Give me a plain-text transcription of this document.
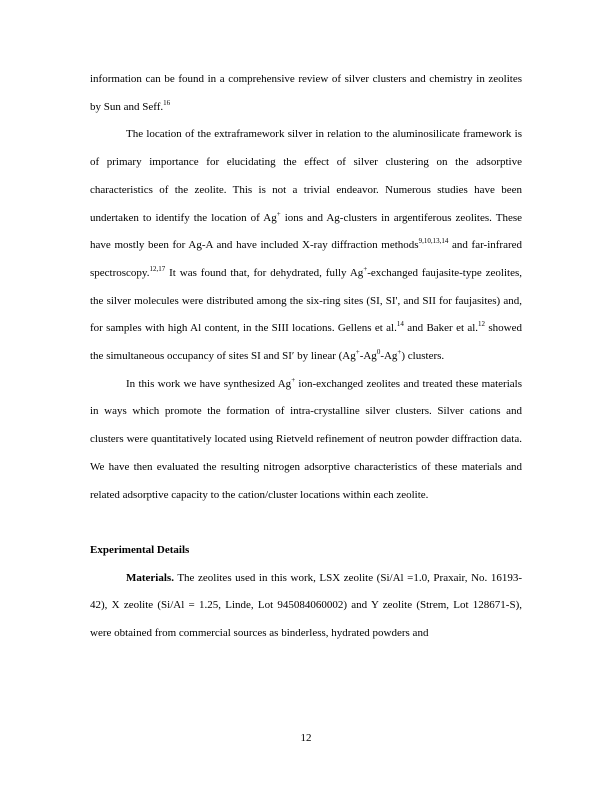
information can be found in a comprehensive review of silver clusters and chemistry in zeolites by Sun and Seff.$^{16}$

The location of the extraframework silver in relation to the aluminosilicate framework is of primary importance for elucidating the effect of silver clustering on the adsorptive characteristics of the zeolite. This is not a trivial endeavor. Numerous studies have been undertaken to identify the location of Ag+ ions and Ag-clusters in argentiferous zeolites. These have mostly been for Ag-A and have included X-ray diffraction methods$^{9,10,13,14}$ and far-infrared spectroscopy.$^{12,17}$ It was found that, for dehydrated, fully Ag+-exchanged faujasite-type zeolites, the silver molecules were distributed among the six-ring sites (SI, SI', and SII for faujasites) and, for samples with high Al content, in the SIII locations. Gellens et al.$^{14}$ and Baker et al.$^{12}$ showed the simultaneous occupancy of sites SI and SI′ by linear (Ag+-Ag$^0$-Ag+) clusters.

In this work we have synthesized Ag+ ion-exchanged zeolites and treated these materials in ways which promote the formation of intra-crystalline silver clusters. Silver cations and clusters were quantitatively located using Rietveld refinement of neutron powder diffraction data. We have then evaluated the resulting nitrogen adsorptive characteristics of these materials and related adsorptive capacity to the cation/cluster locations within each zeolite.

Experimental Details

Materials. The zeolites used in this work, LSX zeolite (Si/Al =1.0, Praxair, No. 16193-42), X zeolite (Si/Al = 1.25, Linde, Lot 945084060002) and Y zeolite (Strem, Lot 128671-S), were obtained from commercial sources as binderless, hydrated powders and

12
